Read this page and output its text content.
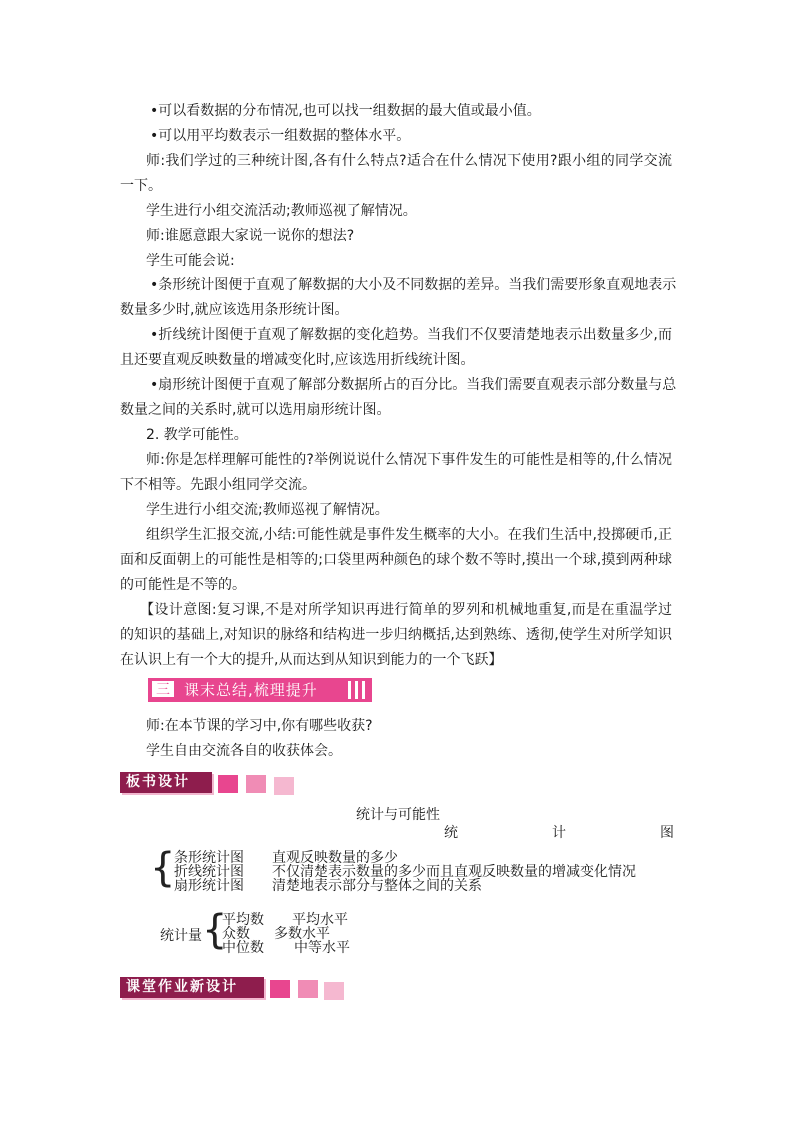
•可以看数据的分布情况,也可以找一组数据的最大值或最小值。
•可以用平均数表示一组数据的整体水平。
师:我们学过的三种统计图,各有什么特点?适合在什么情况下使用?跟小组的同学交流
一下。
学生进行小组交流活动;教师巡视了解情况。
师:谁愿意跟大家说一说你的想法?
学生可能会说:
•条形统计图便于直观了解数据的大小及不同数据的差异。当我们需要形象直观地表示
数量多少时,就应该选用条形统计图。
•折线统计图便于直观了解数据的变化趋势。当我们不仅要清楚地表示出数量多少,而
且还要直观反映数量的增减变化时,应该选用折线统计图。
•扇形统计图便于直观了解部分数据所占的百分比。当我们需要直观表示部分数量与总
数量之间的关系时,就可以选用扇形统计图。
2. 教学可能性。
师:你是怎样理解可能性的?举例说说什么情况下事件发生的可能性是相等的,什么情况
下不相等。先跟小组同学交流。
学生进行小组交流;教师巡视了解情况。
组织学生汇报交流,小结:可能性就是事件发生概率的大小。在我们生活中,投掷硬币,正
面和反面朝上的可能性是相等的;口袋里两种颜色的球个数不等时,摸出一个球,摸到两种球
的可能性是不等的。
【设计意图:复习课,不是对所学知识再进行简单的罗列和机械地重复,而是在重温学过
的知识的基础上,对知识的脉络和结构进一步归纳概括,达到熟练、透彻,使学生对所学知识
在认识上有一个大的提升,从而达到从知识到能力的一个飞跃】
三 课末总结,梳理提升
师:在本节课的学习中,你有哪些收获?
学生自由交流各自的收获体会。
板书设计
统计与可能性
统	计	图
{
条形统计图 直观反映数量的多少
折线统计图 不仅清楚表示数量的多少而且直观反映数量的增减变化情况
扇形统计图 清楚地表示部分与整体之间的关系
统计量 {
平均数 平均水平
众数 多数水平
中位数 中等水平
课堂作业新设计
